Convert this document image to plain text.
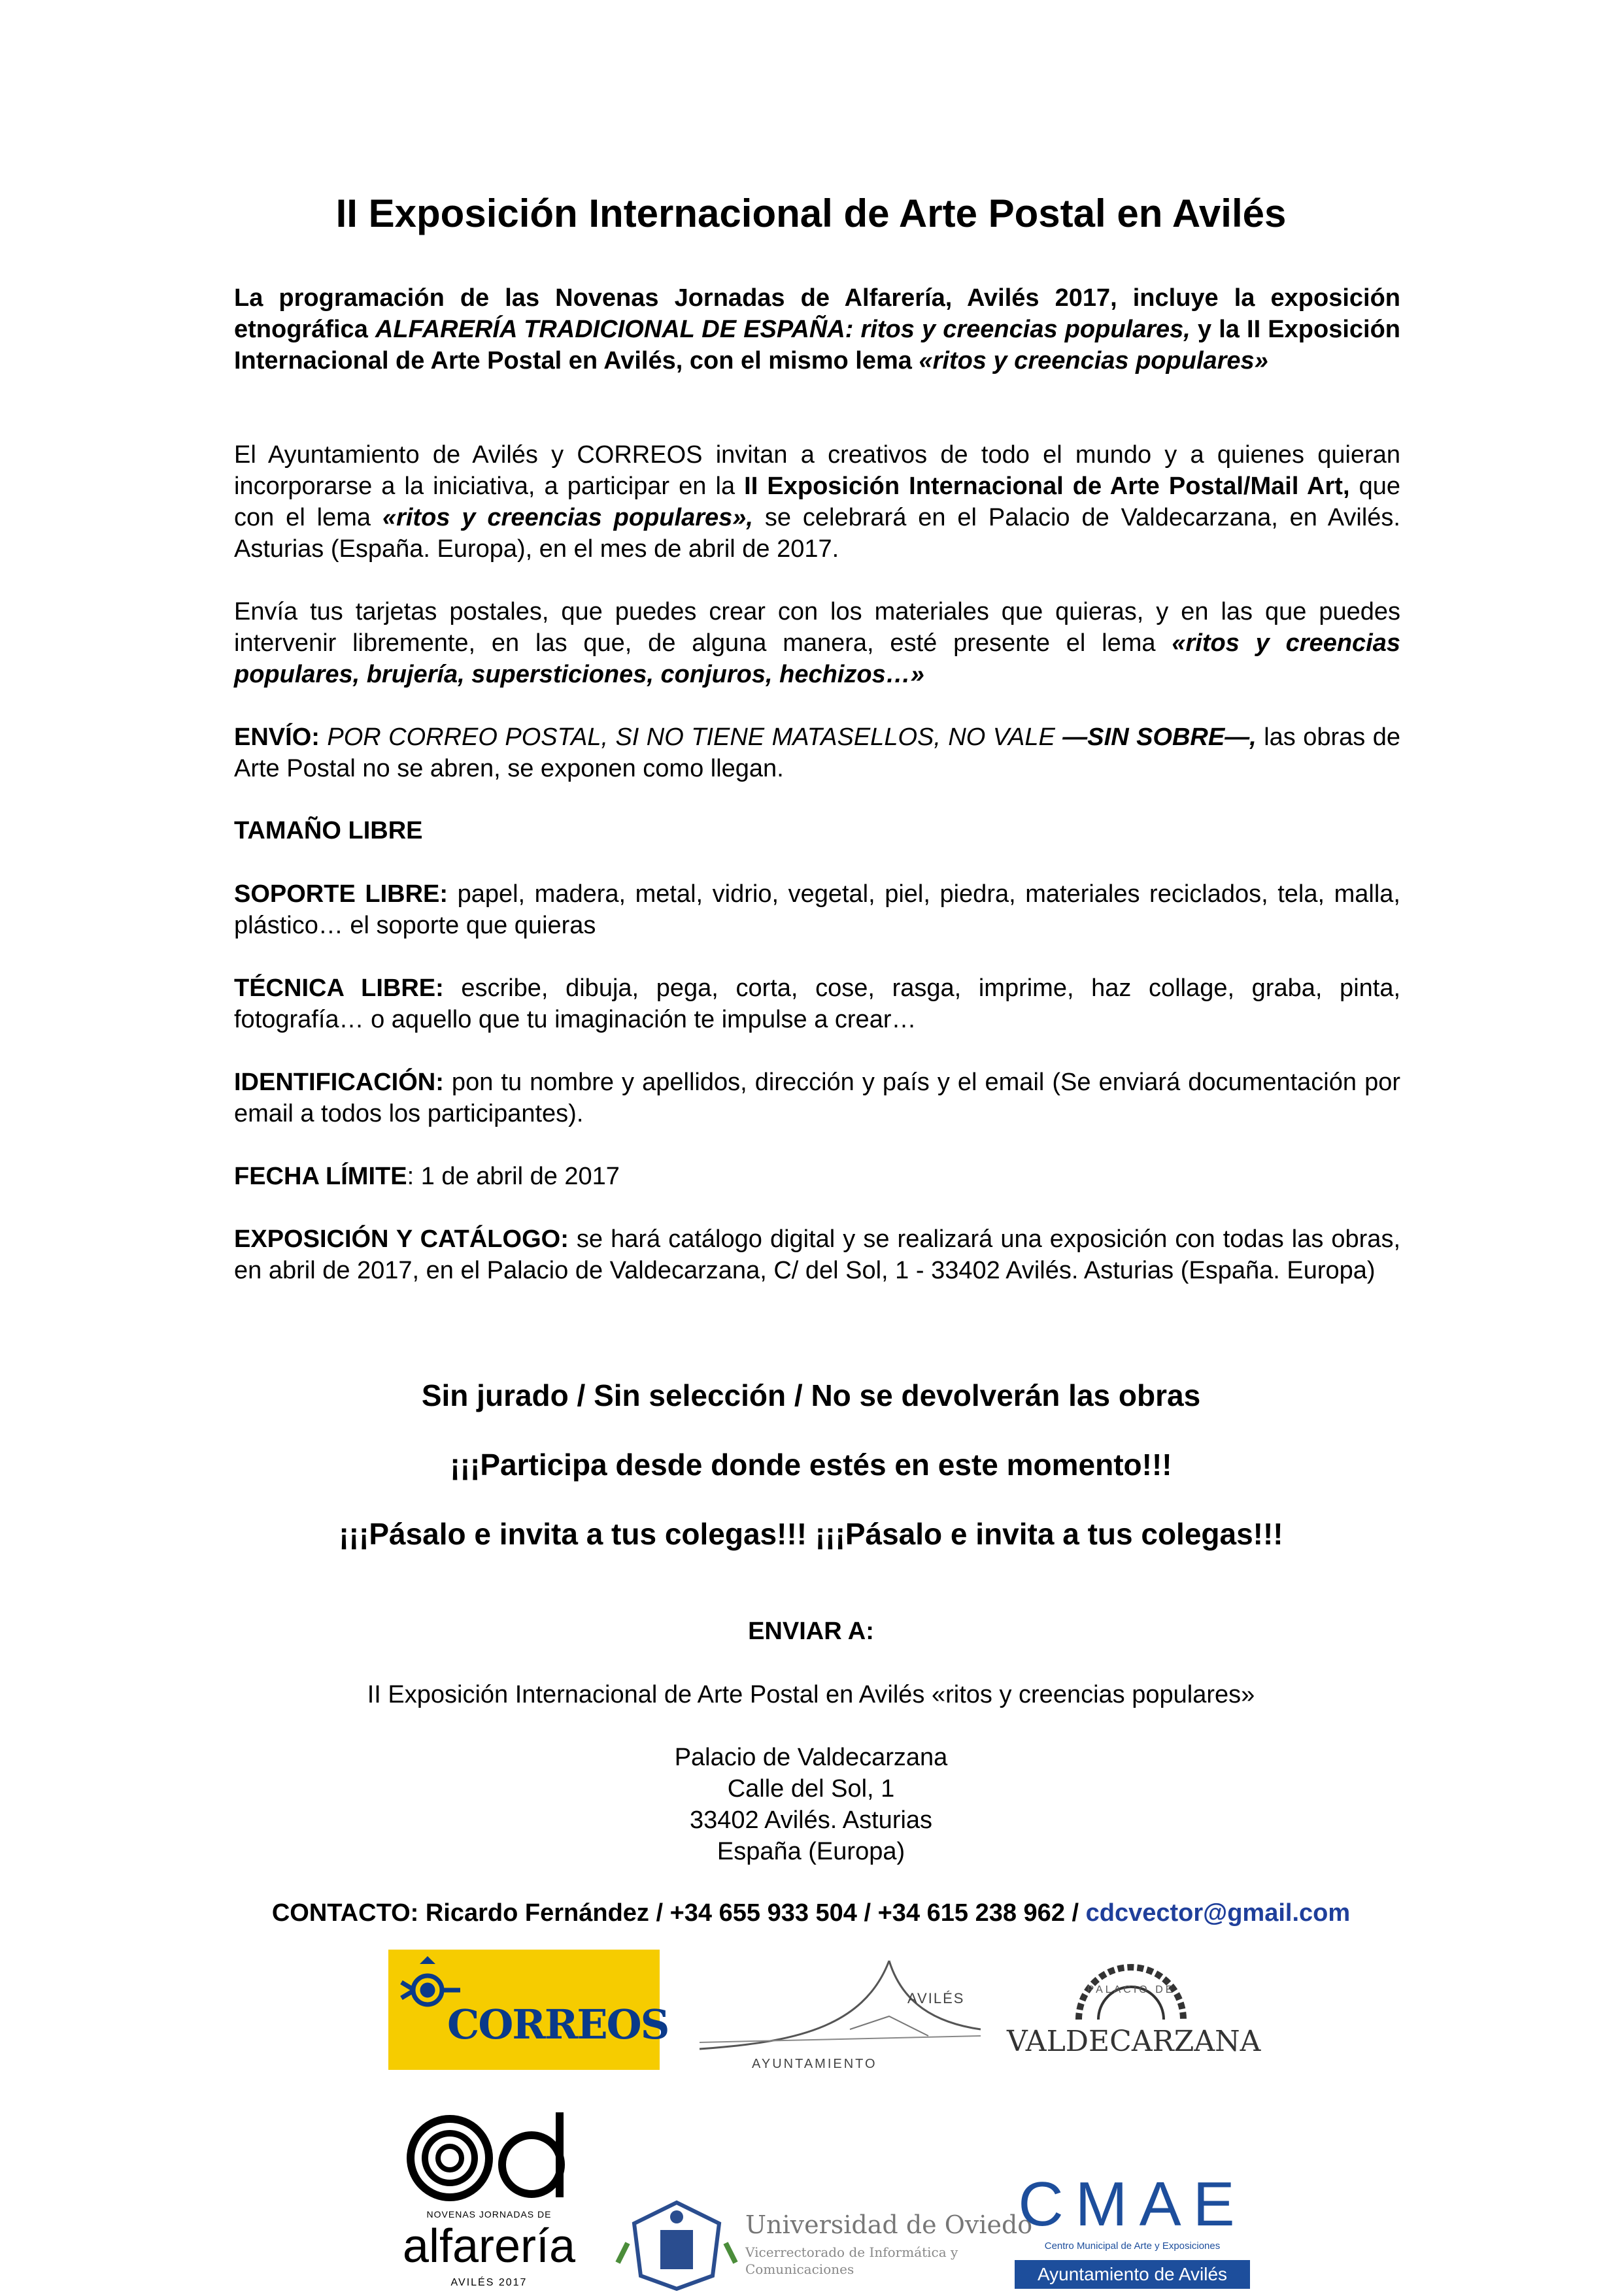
II Exposición Internacional de Arte Postal en Avilés

La programación de las Novenas Jornadas de Alfarería, Avilés 2017, incluye la exposición etnográfica ALFARERÍA TRADICIONAL DE ESPAÑA: ritos y creencias populares, y la II Exposición Internacional de Arte Postal en Avilés, con el mismo lema «ritos y creencias populares»

El Ayuntamiento de Avilés y CORREOS invitan a creativos de todo el mundo y a quienes quieran incorporarse a la iniciativa, a participar en la II Exposición Internacional de Arte Postal/Mail Art, que con el lema «ritos y creencias populares», se celebrará en el Palacio de Valdecarzana, en Avilés. Asturias (España. Europa), en el mes de abril de 2017.

Envía tus tarjetas postales, que puedes crear con los materiales que quieras, y en las que puedes intervenir libremente, en las que, de alguna manera, esté presente el lema «ritos y creencias populares, brujería, supersticiones, conjuros, hechizos…»

ENVÍO: POR CORREO POSTAL, SI NO TIENE MATASELLOS, NO VALE —SIN SOBRE—, las obras de Arte Postal no se abren, se exponen como llegan.

TAMAÑO LIBRE

SOPORTE LIBRE: papel, madera, metal, vidrio, vegetal, piel, piedra, materiales reciclados, tela, malla, plástico… el soporte que quieras

TÉCNICA LIBRE: escribe, dibuja, pega, corta, cose, rasga, imprime, haz collage, graba, pinta, fotografía… o aquello que tu imaginación te impulse a crear…

IDENTIFICACIÓN: pon tu nombre y apellidos, dirección y país y el email (Se enviará documentación por email a todos los participantes).

FECHA LÍMITE: 1 de abril de 2017

EXPOSICIÓN Y CATÁLOGO: se hará catálogo digital y se realizará una exposición con todas las obras, en abril de 2017, en el Palacio de Valdecarzana, C/ del Sol, 1 - 33402 Avilés. Asturias (España. Europa)

Sin jurado / Sin selección / No se devolverán las obras
¡¡¡Participa desde donde estés en este momento!!!
¡¡¡Pásalo e invita a tus colegas!!! ¡¡¡Pásalo e invita a tus colegas!!!
ENVIAR A:
II Exposición Internacional de Arte Postal en Avilés «ritos y creencias populares»
Palacio de Valdecarzana
Calle del Sol, 1
33402 Avilés. Asturias
España (Europa)
CONTACTO: Ricardo Fernández / +34 655 933 504 / +34 615 238 962 / cdcvector@gmail.com
CORREOS
AVILÉS
AYUNTAMIENTO
PALACIO DE
VALDECARZANA
NOVENAS JORNADAS DE
alfarería
AVILÉS 2017
Universidad de Oviedo
Vicerrectorado de Informática y
Comunicaciones
CMAE
Centro Municipal de Arte y Exposiciones
Ayuntamiento de Avilés
